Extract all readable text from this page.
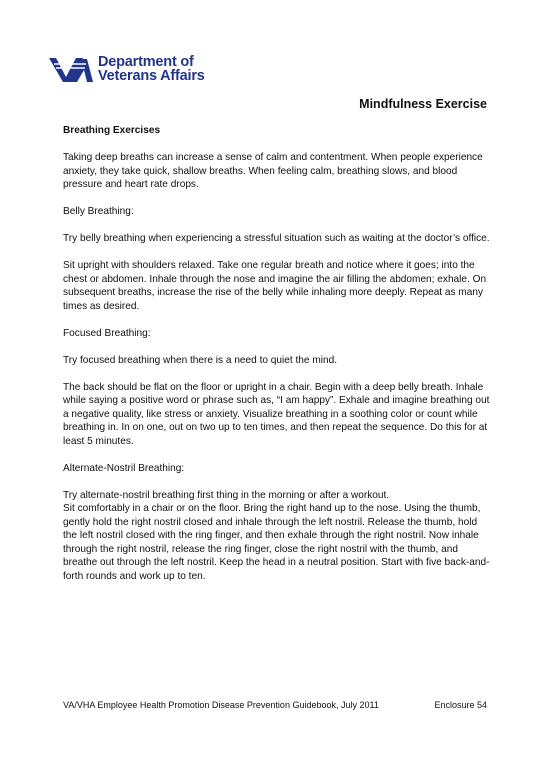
Department of
Veterans Affairs
Mindfulness Exercise

Breathing Exercises

Taking deep breaths can increase a sense of calm and contentment. When people experience anxiety, they take quick, shallow breaths. When feeling calm, breathing slows, and blood pressure and heart rate drops.

Belly Breathing:

Try belly breathing when experiencing a stressful situation such as waiting at the doctor’s office.

Sit upright with shoulders relaxed. Take one regular breath and notice where it goes; into the chest or abdomen. Inhale through the nose and imagine the air filling the abdomen; exhale. On subsequent breaths, increase the rise of the belly while inhaling more deeply. Repeat as many times as desired.

Focused Breathing:

Try focused breathing when there is a need to quiet the mind.

The back should be flat on the floor or upright in a chair. Begin with a deep belly breath. Inhale while saying a positive word or phrase such as, “I am happy”. Exhale and imagine breathing out a negative quality, like stress or anxiety. Visualize breathing in a soothing color or count while breathing in. In on one, out on two up to ten times, and then repeat the sequence. Do this for at least 5 minutes.

Alternate-Nostril Breathing:

Try alternate-nostril breathing first thing in the morning or after a workout.
Sit comfortably in a chair or on the floor. Bring the right hand up to the nose. Using the thumb, gently hold the right nostril closed and inhale through the left nostril. Release the thumb, hold the left nostril closed with the ring finger, and then exhale through the right nostril. Now inhale through the right nostril, release the ring finger, close the right nostril with the thumb, and breathe out through the left nostril. Keep the head in a neutral position. Start with five back-and-forth rounds and work up to ten.

VA/VHA Employee Health Promotion Disease Prevention Guidebook, July 2011	Enclosure 54
